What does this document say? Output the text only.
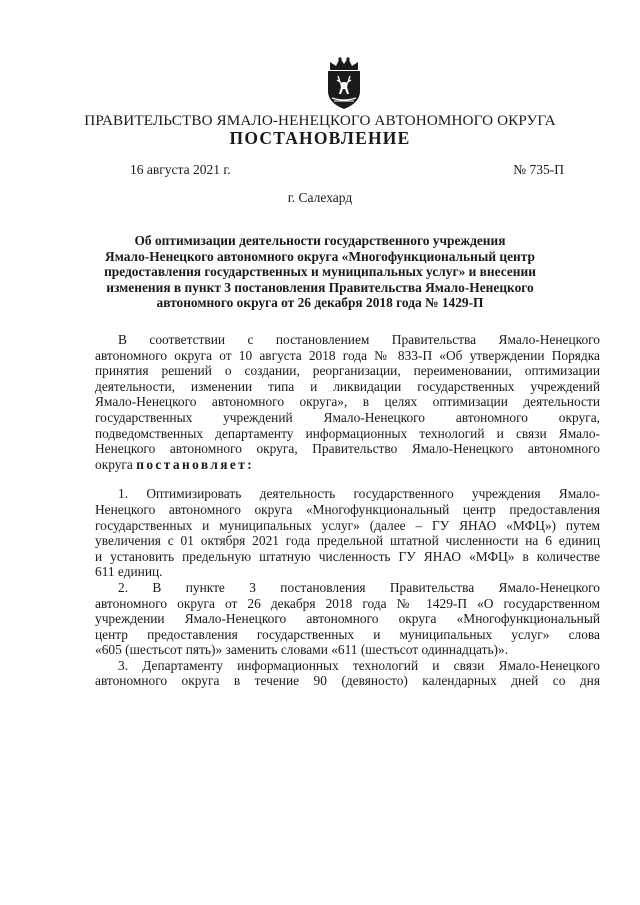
ПРАВИТЕЛЬСТВО ЯМАЛО-НЕНЕЦКОГО АВТОНОМНОГО ОКРУГА
ПОСТАНОВЛЕНИЕ
16 августа 2021 г.	№ 735-П
г. Салехард
Об оптимизации деятельности государственного учреждения
Ямало-Ненецкого автономного округа «Многофункциональный центр
предоставления государственных и муниципальных услуг» и внесении
изменения в пункт 3 постановления Правительства Ямало-Ненецкого
автономного округа от 26 декабря 2018 года № 1429-П
В соответствии с постановлением Правительства Ямало-Ненецкого
автономного округа от 10 августа 2018 года № 833-П «Об утверждении Порядка
принятия решений о создании, реорганизации, переименовании, оптимизации
деятельности, изменении типа и ликвидации государственных учреждений
Ямало-Ненецкого автономного округа», в целях оптимизации деятельности
государственных учреждений Ямало-Ненецкого автономного округа,
подведомственных департаменту информационных технологий и связи Ямало-
Ненецкого автономного округа, Правительство Ямало-Ненецкого автономного
округа постановляет:
1. Оптимизировать деятельность государственного учреждения Ямало-
Ненецкого автономного округа «Многофункциональный центр предоставления
государственных и муниципальных услуг» (далее – ГУ ЯНАО «МФЦ») путем
увеличения с 01 октября 2021 года предельной штатной численности на 6 единиц
и установить предельную штатную численность ГУ ЯНАО «МФЦ» в количестве
611 единиц.
2. В пункте 3 постановления Правительства Ямало-Ненецкого
автономного округа от 26 декабря 2018 года № 1429-П «О государственном
учреждении Ямало-Ненецкого автономного округа «Многофункциональный
центр предоставления государственных и муниципальных услуг» слова
«605 (шестьсот пять)» заменить словами «611 (шестьсот одиннадцать)».
3. Департаменту информационных технологий и связи Ямало-Ненецкого
автономного округа в течение 90 (девяносто) календарных дней со дня
